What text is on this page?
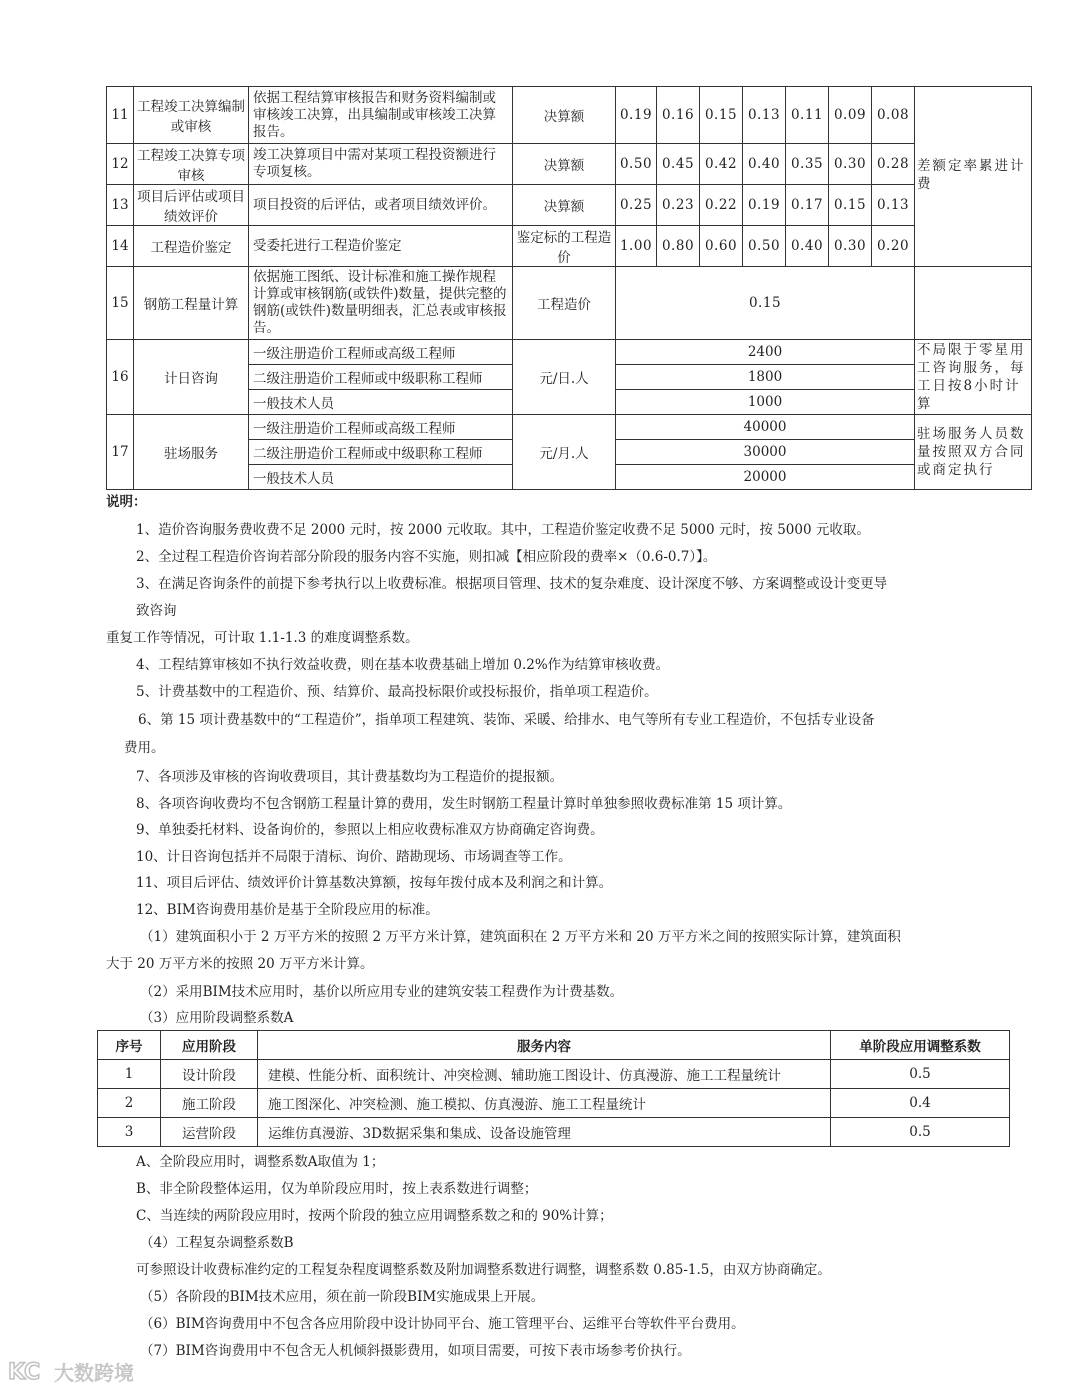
11	工程竣工决算编制或审核	依据工程结算审核报告和财务资料编制或审核竣工决算，出具编制或审核竣工决算报告。	决算额	0.19	0.16	0.15	0.13	0.11	0.09	0.08	差额定率累进计费
12	工程竣工决算专项审核	竣工决算项目中需对某项工程投资额进行专项复核。	决算额	0.50	0.45	0.42	0.40	0.35	0.30	0.28	
13	项目后评估或项目绩效评价	项目投资的后评估，或者项目绩效评价。	决算额	0.25	0.23	0.22	0.19	0.17	0.15	0.13	
14	工程造价鉴定	受委托进行工程造价鉴定	鉴定标的工程造价	1.00	0.80	0.60	0.50	0.40	0.30	0.20	
15	钢筋工程量计算	依据施工图纸、设计标准和施工操作规程计算或审核钢筋(或铁件)数量，提供完整的钢筋(或铁件)数量明细表，汇总表或审核报告。	工程造价	0.15							
16	计日咨询	一级注册造价工程师或高级工程师	元/日.人	2400							不局限于零星用工咨询服务，每工日按8小时计算
		二级注册造价工程师或中级职称工程师		1800							
		一般技术人员		1000							
17	驻场服务	一级注册造价工程师或高级工程师	元/月.人	40000							驻场服务人员数量按照双方合同或商定执行
		二级注册造价工程师或中级职称工程师		30000							
		一般技术人员		20000							

说明：

1、造价咨询服务费收费不足 2000 元时，按 2000 元收取。其中，工程造价鉴定收费不足 5000 元时，按 5000 元收取。

2、全过程工程造价咨询若部分阶段的服务内容不实施，则扣减【相应阶段的费率×（0.6-0.7）】。

3、在满足咨询条件的前提下参考执行以上收费标准。根据项目管理、技术的复杂难度、设计深度不够、方案调整或设计变更导

致咨询

重复工作等情况，可计取 1.1-1.3 的难度调整系数。

4、工程结算审核如不执行效益收费，则在基本收费基础上增加 0.2%作为结算审核收费。

5、计费基数中的工程造价、预、结算价、最高投标限价或投标报价，指单项工程造价。

6、第 15 项计费基数中的“工程造价”，指单项工程建筑、装饰、采暖、给排水、电气等所有专业工程造价，不包括专业设备

费用。

7、各项涉及审核的咨询收费项目，其计费基数均为工程造价的提报额。

8、各项咨询收费均不包含钢筋工程量计算的费用，发生时钢筋工程量计算时单独参照收费标准第 15 项计算。

9、单独委托材料、设备询价的，参照以上相应收费标准双方协商确定咨询费。

10、计日咨询包括并不局限于清标、询价、踏勘现场、市场调查等工作。

11、项目后评估、绩效评价计算基数决算额，按每年拨付成本及利润之和计算。

12、BIM咨询费用基价是基于全阶段应用的标准。

（1）建筑面积小于 2 万平方米的按照 2 万平方米计算，建筑面积在 2 万平方米和 20 万平方米之间的按照实际计算，建筑面积

大于 20 万平方米的按照 20 万平方米计算。

（2）采用BIM技术应用时，基价以所应用专业的建筑安装工程费作为计费基数。

（3）应用阶段调整系数A

序号	应用阶段	服务内容	单阶段应用调整系数
1	设计阶段	建模、性能分析、面积统计、冲突检测、辅助施工图设计、仿真漫游、施工工程量统计	0.5
2	施工阶段	施工图深化、冲突检测、施工模拟、仿真漫游、施工工程量统计	0.4
3	运营阶段	运维仿真漫游、3D数据采集和集成、设备设施管理	0.5

A、全阶段应用时，调整系数A取值为 1；

B、非全阶段整体运用，仅为单阶段应用时，按上表系数进行调整；

C、当连续的两阶段应用时，按两个阶段的独立应用调整系数之和的 90%计算；

（4）工程复杂调整系数B

可参照设计收费标准约定的工程复杂程度调整系数及附加调整系数进行调整，调整系数 0.85-1.5，由双方协商确定。

（5）各阶段的BIM技术应用，须在前一阶段BIM实施成果上开展。

（6）BIM咨询费用中不包含各应用阶段中设计协同平台、施工管理平台、运维平台等软件平台费用。

（7）BIM咨询费用中不包含无人机倾斜摄影费用，如项目需要，可按下表市场参考价执行。

KC 大数跨境
